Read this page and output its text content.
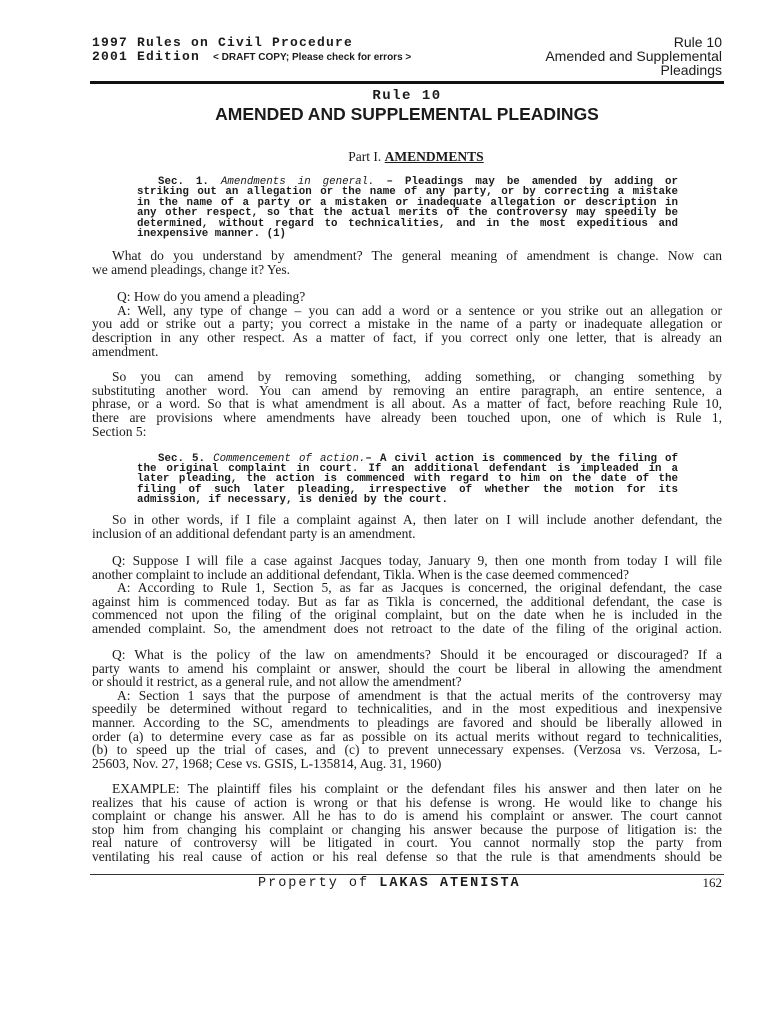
1997 Rules on Civil Procedure
2001 Edition < DRAFT COPY; Please check for errors >
Rule 10
Amended and Supplemental
Pleadings
Rule 10
AMENDED AND SUPPLEMENTAL PLEADINGS
Part I. AMENDMENTS
Sec. 1. Amendments in general. – Pleadings may be amended by adding or
striking out an allegation or the name of any party, or by correcting a mistake
in the name of a party or a mistaken or inadequate allegation or description in
any other respect, so that the actual merits of the controversy may speedily be
determined, without regard to technicalities, and in the most expeditious and
inexpensive manner. (1)
What do you understand by amendment? The general meaning of amendment is change. Now can
we amend pleadings, change it? Yes.
Q: How do you amend a pleading?
A: Well, any type of change – you can add a word or a sentence or you strike out an allegation or
you add or strike out a party; you correct a mistake in the name of a party or inadequate allegation or
description in any other respect. As a matter of fact, if you correct only one letter, that is already an
amendment.
So you can amend by removing something, adding something, or changing something by
substituting another word. You can amend by removing an entire paragraph, an entire sentence, a
phrase, or a word. So that is what amendment is all about. As a matter of fact, before reaching Rule 10,
there are provisions where amendments have already been touched upon, one of which is Rule 1,
Section 5:
Sec. 5. Commencement of action.– A civil action is commenced by the filing of
the original complaint in court. If an additional defendant is impleaded in a
later pleading, the action is commenced with regard to him on the date of the
filing of such later pleading, irrespective of whether the motion for its
admission, if necessary, is denied by the court.
So in other words, if I file a complaint against A, then later on I will include another defendant, the
inclusion of an additional defendant party is an amendment.
Q: Suppose I will file a case against Jacques today, January 9, then one month from today I will file
another complaint to include an additional defendant, Tikla. When is the case deemed commenced?
A: According to Rule 1, Section 5, as far as Jacques is concerned, the original defendant, the case
against him is commenced today. But as far as Tikla is concerned, the additional defendant, the case is
commenced not upon the filing of the original complaint, but on the date when he is included in the
amended complaint. So, the amendment does not retroact to the date of the filing of the original action.
Q: What is the policy of the law on amendments? Should it be encouraged or discouraged? If a
party wants to amend his complaint or answer, should the court be liberal in allowing the amendment
or should it restrict, as a general rule, and not allow the amendment?
A: Section 1 says that the purpose of amendment is that the actual merits of the controversy may
speedily be determined without regard to technicalities, and in the most expeditious and inexpensive
manner. According to the SC, amendments to pleadings are favored and should be liberally allowed in
order (a) to determine every case as far as possible on its actual merits without regard to technicalities,
(b) to speed up the trial of cases, and (c) to prevent unnecessary expenses. (Verzosa vs. Verzosa, L-
25603, Nov. 27, 1968; Cese vs. GSIS, L-135814, Aug. 31, 1960)
EXAMPLE: The plaintiff files his complaint or the defendant files his answer and then later on he
realizes that his cause of action is wrong or that his defense is wrong. He would like to change his
complaint or change his answer. All he has to do is amend his complaint or answer. The court cannot
stop him from changing his complaint or changing his answer because the purpose of litigation is: the
real nature of controversy will be litigated in court. You cannot normally stop the party from
ventilating his real cause of action or his real defense so that the rule is that amendments should be
Property of LAKAS ATENISTA	162
